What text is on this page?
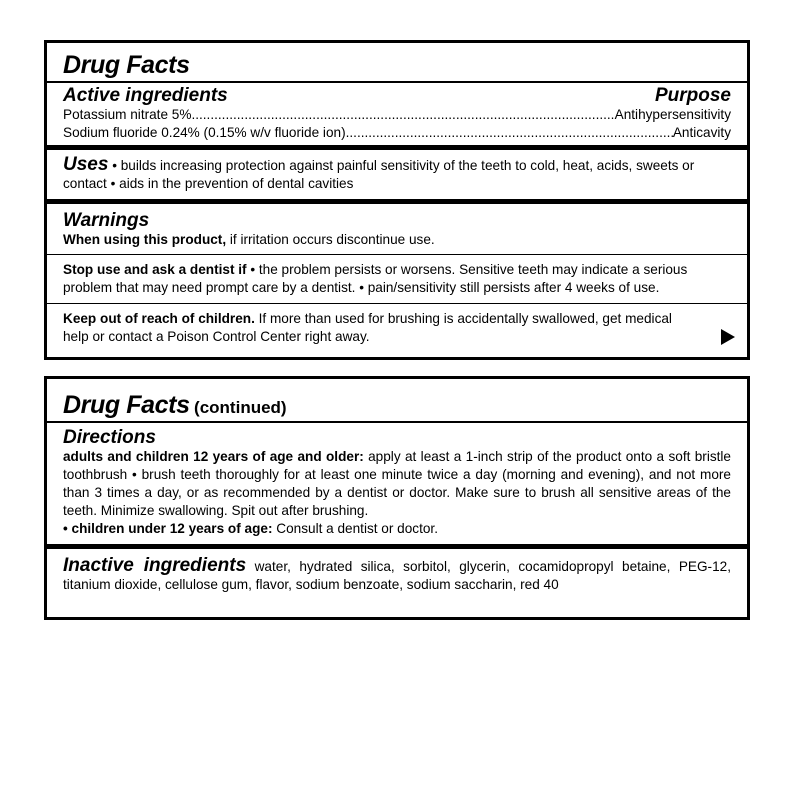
Drug Facts
Active ingredients	Purpose
Potassium nitrate 5% .....	Antihypersensitivity
Sodium fluoride 0.24% (0.15% w/v fluoride ion) .....	Anticavity
Uses • builds increasing protection against painful sensitivity of the teeth to cold, heat, acids, sweets or contact • aids in the prevention of dental cavities
Warnings
When using this product, if irritation occurs discontinue use.
Stop use and ask a dentist if • the problem persists or worsens. Sensitive teeth may indicate a serious problem that may need prompt care by a dentist. • pain/sensitivity still persists after 4 weeks of use.
Keep out of reach of children. If more than used for brushing is accidentally swallowed, get medical help or contact a Poison Control Center right away.
Drug Facts (continued)
Directions
adults and children 12 years of age and older: apply at least a 1-inch strip of the product onto a soft bristle toothbrush • brush teeth thoroughly for at least one minute twice a day (morning and evening), and not more than 3 times a day, or as recommended by a dentist or doctor. Make sure to brush all sensitive areas of the teeth. Minimize swallowing. Spit out after brushing.
• children under 12 years of age: Consult a dentist or doctor.
Inactive ingredients water, hydrated silica, sorbitol, glycerin, cocamidopropyl betaine, PEG-12, titanium dioxide, cellulose gum, flavor, sodium benzoate, sodium saccharin, red 40
